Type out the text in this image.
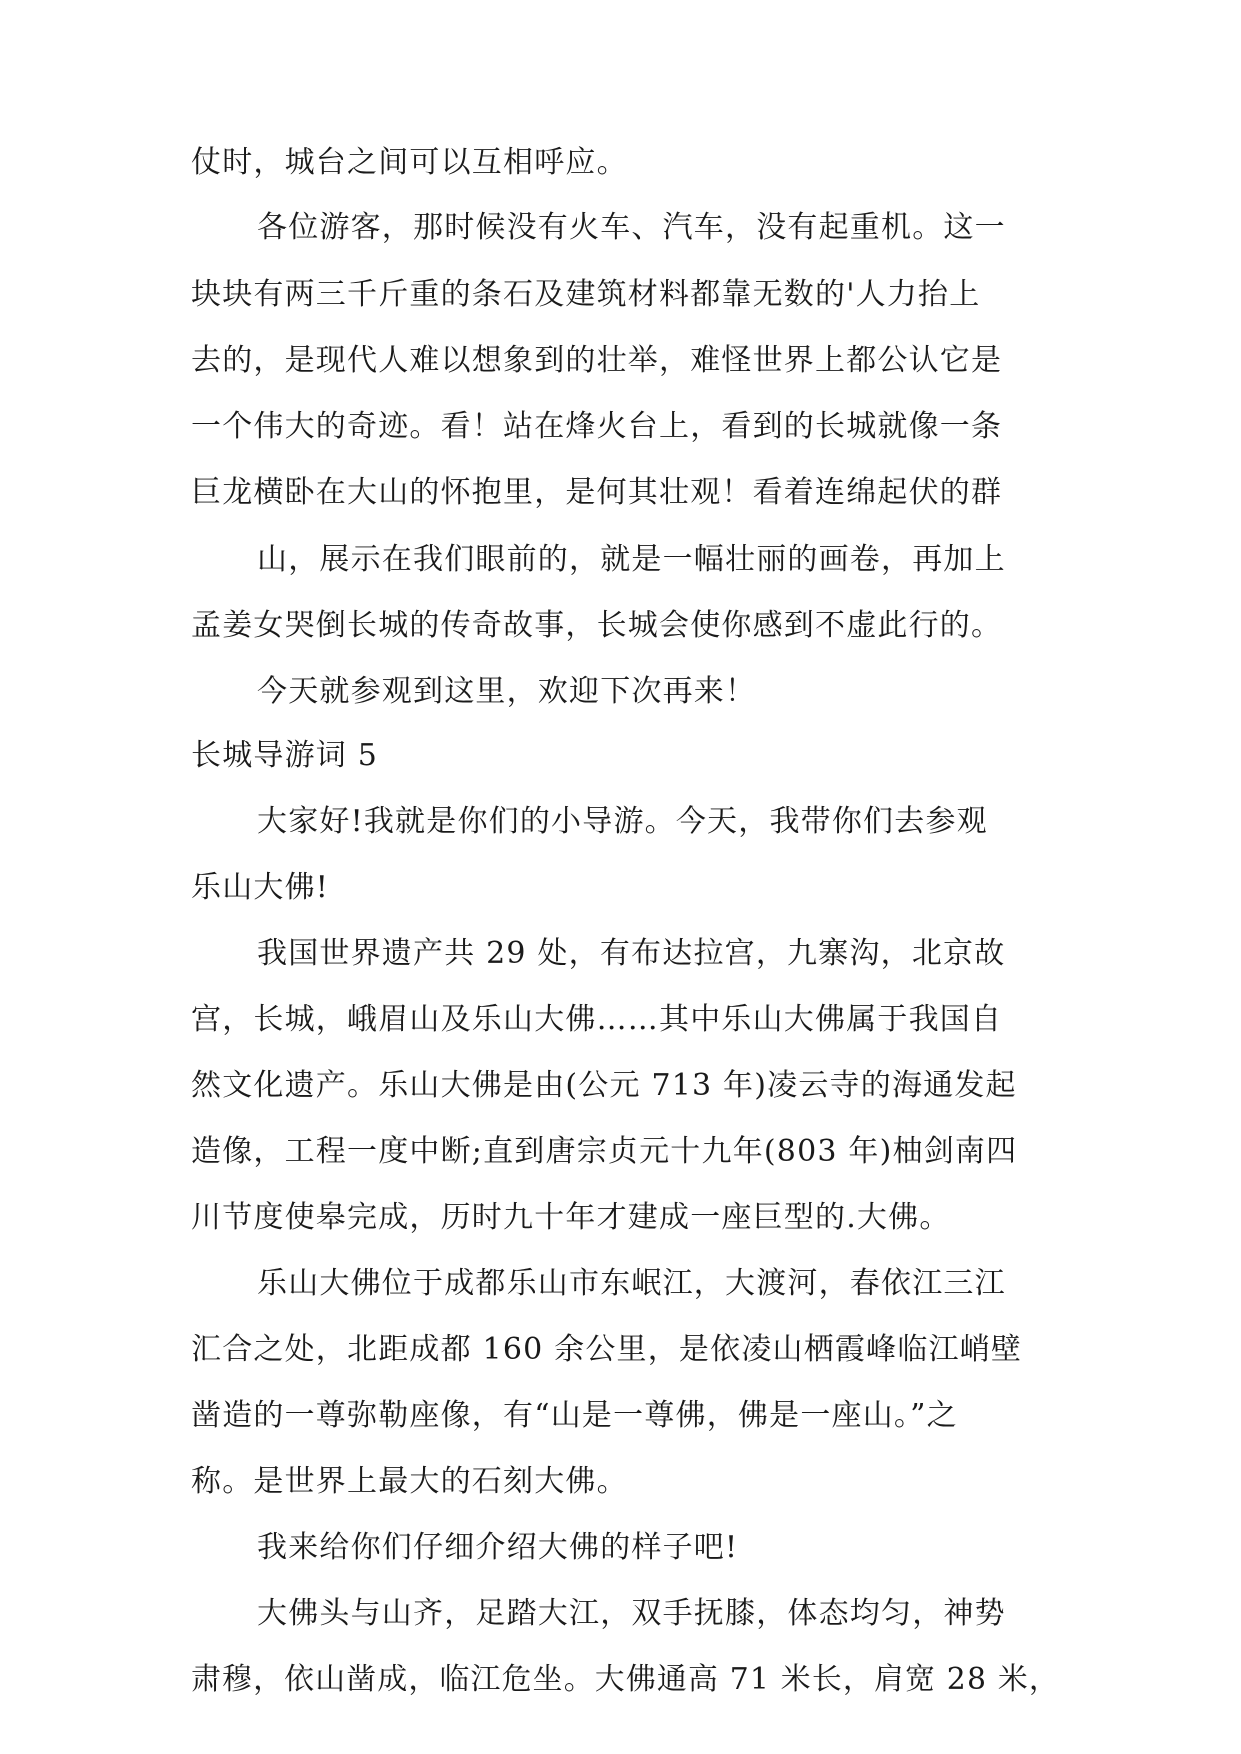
仗时，城台之间可以互相呼应。
各位游客，那时候没有火车、汽车，没有起重机。这一
块块有两三千斤重的条石及建筑材料都靠无数的'人力抬上
去的，是现代人难以想象到的壮举，难怪世界上都公认它是
一个伟大的奇迹。看！站在烽火台上，看到的长城就像一条
巨龙横卧在大山的怀抱里，是何其壮观！看着连绵起伏的群
山，展示在我们眼前的，就是一幅壮丽的画卷，再加上
孟姜女哭倒长城的传奇故事，长城会使你感到不虚此行的。
今天就参观到这里，欢迎下次再来！
长城导游词 5
大家好!我就是你们的小导游。今天，我带你们去参观
乐山大佛!
我国世界遗产共 29 处，有布达拉宫，九寨沟，北京故
宫，长城，峨眉山及乐山大佛……其中乐山大佛属于我国自
然文化遗产。乐山大佛是由(公元 713 年)凌云寺的海通发起
造像，工程一度中断;直到唐宗贞元十九年(803 年)柚剑南四
川节度使皋完成，历时九十年才建成一座巨型的.大佛。
乐山大佛位于成都乐山市东岷江，大渡河，春依江三江
汇合之处，北距成都 160 余公里，是依凌山栖霞峰临江峭壁
凿造的一尊弥勒座像，有“山是一尊佛，佛是一座山。”之
称。是世界上最大的石刻大佛。
我来给你们仔细介绍大佛的样子吧!
大佛头与山齐，足踏大江，双手抚膝，体态均匀，神势
肃穆，依山凿成，临江危坐。大佛通高 71 米长，肩宽 28 米，
